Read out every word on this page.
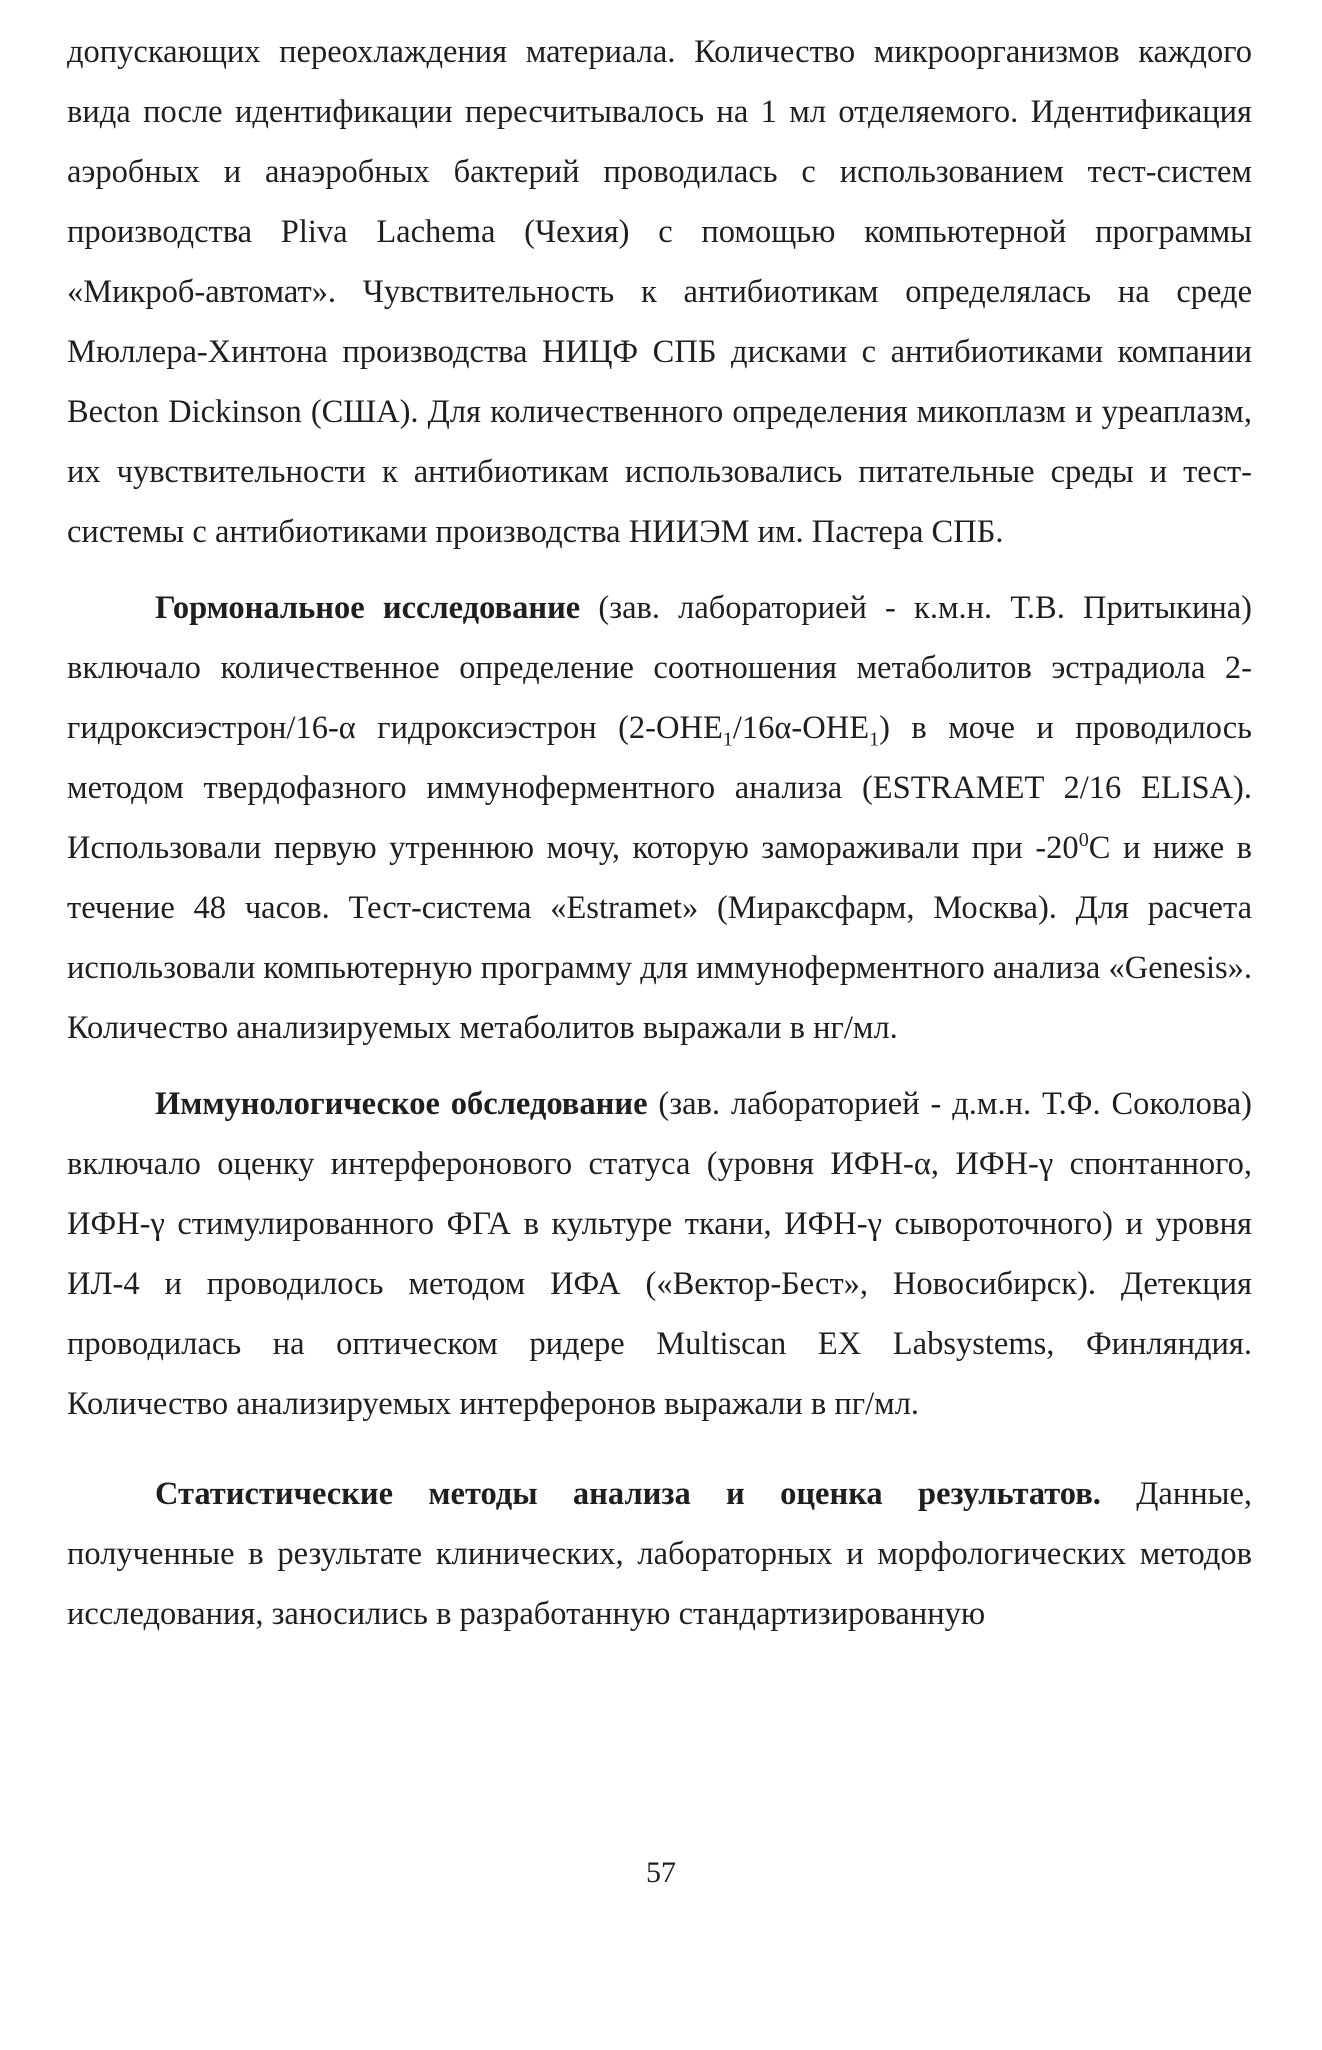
допускающих переохлаждения материала. Количество микроорганизмов каждого вида после идентификации пересчитывалось на 1 мл отделяемого. Идентификация аэробных и анаэробных бактерий проводилась с использованием тест-систем производства Pliva Lachema (Чехия) с помощью компьютерной программы «Микроб-автомат». Чувствительность к антибиотикам определялась на среде Мюллера-Хинтона производства НИЦФ СПБ дисками с антибиотиками компании Becton Dickinson (США). Для количественного определения микоплазм и уреаплазм, их чувствительности к антибиотикам использовались питательные среды и тест-системы с антибиотиками производства НИИЭМ им. Пастера СПБ.

Гормональное исследование (зав. лабораторией - к.м.н. Т.В. Притыкина) включало количественное определение соотношения метаболитов эстрадиола 2-гидроксиэстрон/16-α гидроксиэстрон $(2-OHE_1/16\alpha-OHE_1)$ в моче и проводилось методом твердофазного иммуноферментного анализа (ESTRAMET 2/16 ELISA). Использовали первую утреннюю мочу, которую замораживали при $-20^0С$ и ниже в течение 48 часов. Тест-система «Estramet» (Мираксфарм, Москва). Для расчета использовали компьютерную программу для иммуноферментного анализа «Genesis». Количество анализируемых метаболитов выражали в нг/мл.

Иммунологическое обследование (зав. лабораторией - д.м.н. Т.Ф. Соколова) включало оценку интерферонового статуса (уровня ИФН-α, ИФН-γ спонтанного, ИФН-γ стимулированного ФГА в культуре ткани, ИФН-γ сывороточного) и уровня ИЛ-4 и проводилось методом ИФА («Вектор-Бест», Новосибирск). Детекция проводилась на оптическом ридере Multiscan EX Labsystems, Финляндия. Количество анализируемых интерферонов выражали в пг/мл.

Статистические методы анализа и оценка результатов. Данные, полученные в результате клинических, лабораторных и морфологических методов исследования, заносились в разработанную стандартизированную

57
